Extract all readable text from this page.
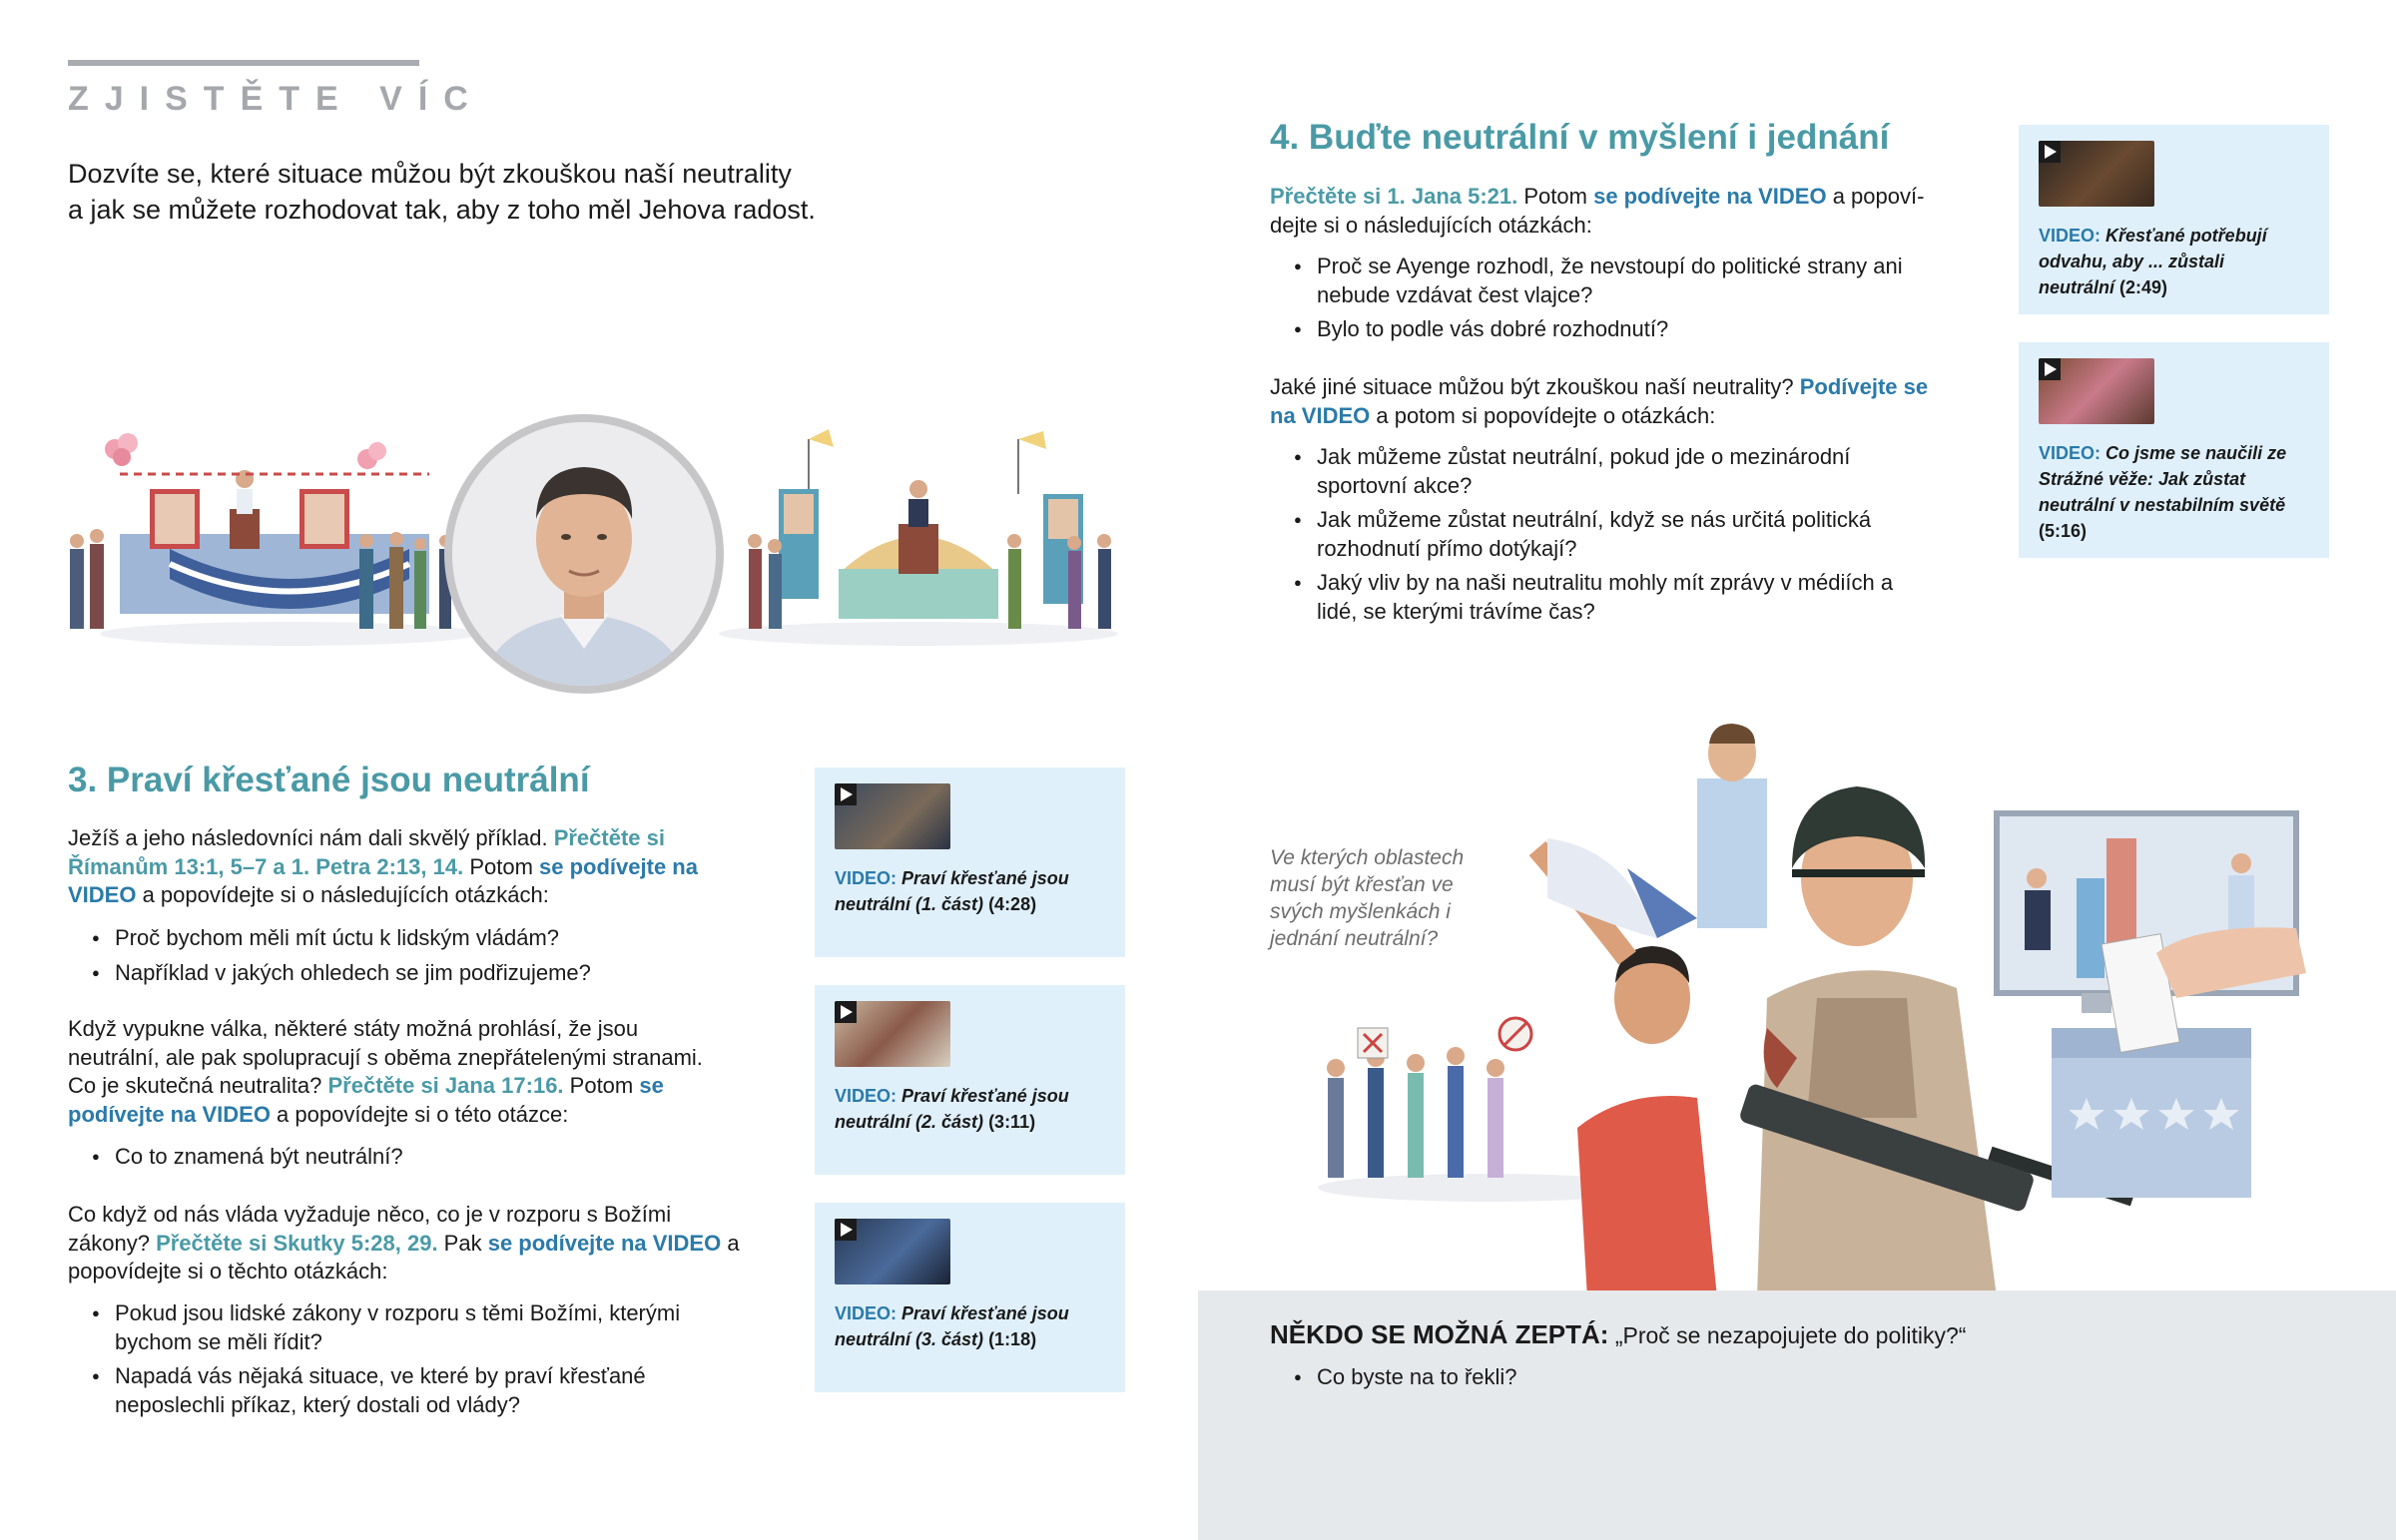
ZJISTĚTE VÍC
Dozvíte se, které situace můžou být zkouškou naší neutrality
a jak se můžete rozhodovat tak, aby z toho měl Jehova radost.
3. Praví křesťané jsou neutrální
Ježíš a jeho následovníci nám dali skvělý příklad. Přečtěte si Římanům 13:1, 5–7 a 1. Petra 2:13, 14. Potom se podívejte na VIDEO a popovídejte si o následujících otázkách:
● Proč bychom měli mít úctu k lidským vládám?
● Například v jakých ohledech se jim podřizujeme?
Když vypukne válka, některé státy možná prohlásí, že jsou neutrální, ale pak spolupracují s oběma znepřátelenými stranami. Co je skutečná neutralita? Přečtěte si Jana 17:16. Potom se podívejte na VIDEO a popovídejte si o této otázce:
● Co to znamená být neutrální?
Co když od nás vláda vyžaduje něco, co je v rozporu s Božími zákony? Přečtěte si Skutky 5:28, 29. Pak se podívejte na VIDEO a popovídejte si o těchto otázkách:
● Pokud jsou lidské zákony v rozporu s těmi Božími, kterými bychom se měli řídit?
● Napadá vás nějaká situace, ve které by praví křesťané neposlechli příkaz, který dostali od vlády?
VIDEO: Praví křesťané jsou neutrální (1. část) (4:28)
VIDEO: Praví křesťané jsou neutrální (2. část) (3:11)
VIDEO: Praví křesťané jsou neutrální (3. část) (1:18)
4. Buďte neutrální v myšlení i jednání
Přečtěte si 1. Jana 5:21. Potom se podívejte na VIDEO a popovídejte si o následujících otázkách:
● Proč se Ayenge rozhodl, že nevstoupí do politické strany ani nebude vzdávat čest vlajce?
● Bylo to podle vás dobré rozhodnutí?
Jaké jiné situace můžou být zkouškou naší neutrality? Podívejte se na VIDEO a potom si popovídejte o otázkách:
● Jak můžeme zůstat neutrální, pokud jde o mezinárodní sportovní akce?
● Jak můžeme zůstat neutrální, když se nás určitá politická rozhodnutí přímo dotýkají?
● Jaký vliv by na naši neutralitu mohly mít zprávy v médiích a lidé, se kterými trávíme čas?
VIDEO: Křesťané potřebují odvahu, aby ... zůstali neutrální (2:49)
VIDEO: Co jsme se naučili ze Strážné věže: Jak zůstat neutrální v nestabilním světě (5:16)
Ve kterých oblastech musí být křesťan ve svých myšlenkách i jednání neutrální?
NĚKDO SE MOŽNÁ ZEPTÁ: „Proč se nezapojujete do politiky?“
● Co byste na to řekli?
